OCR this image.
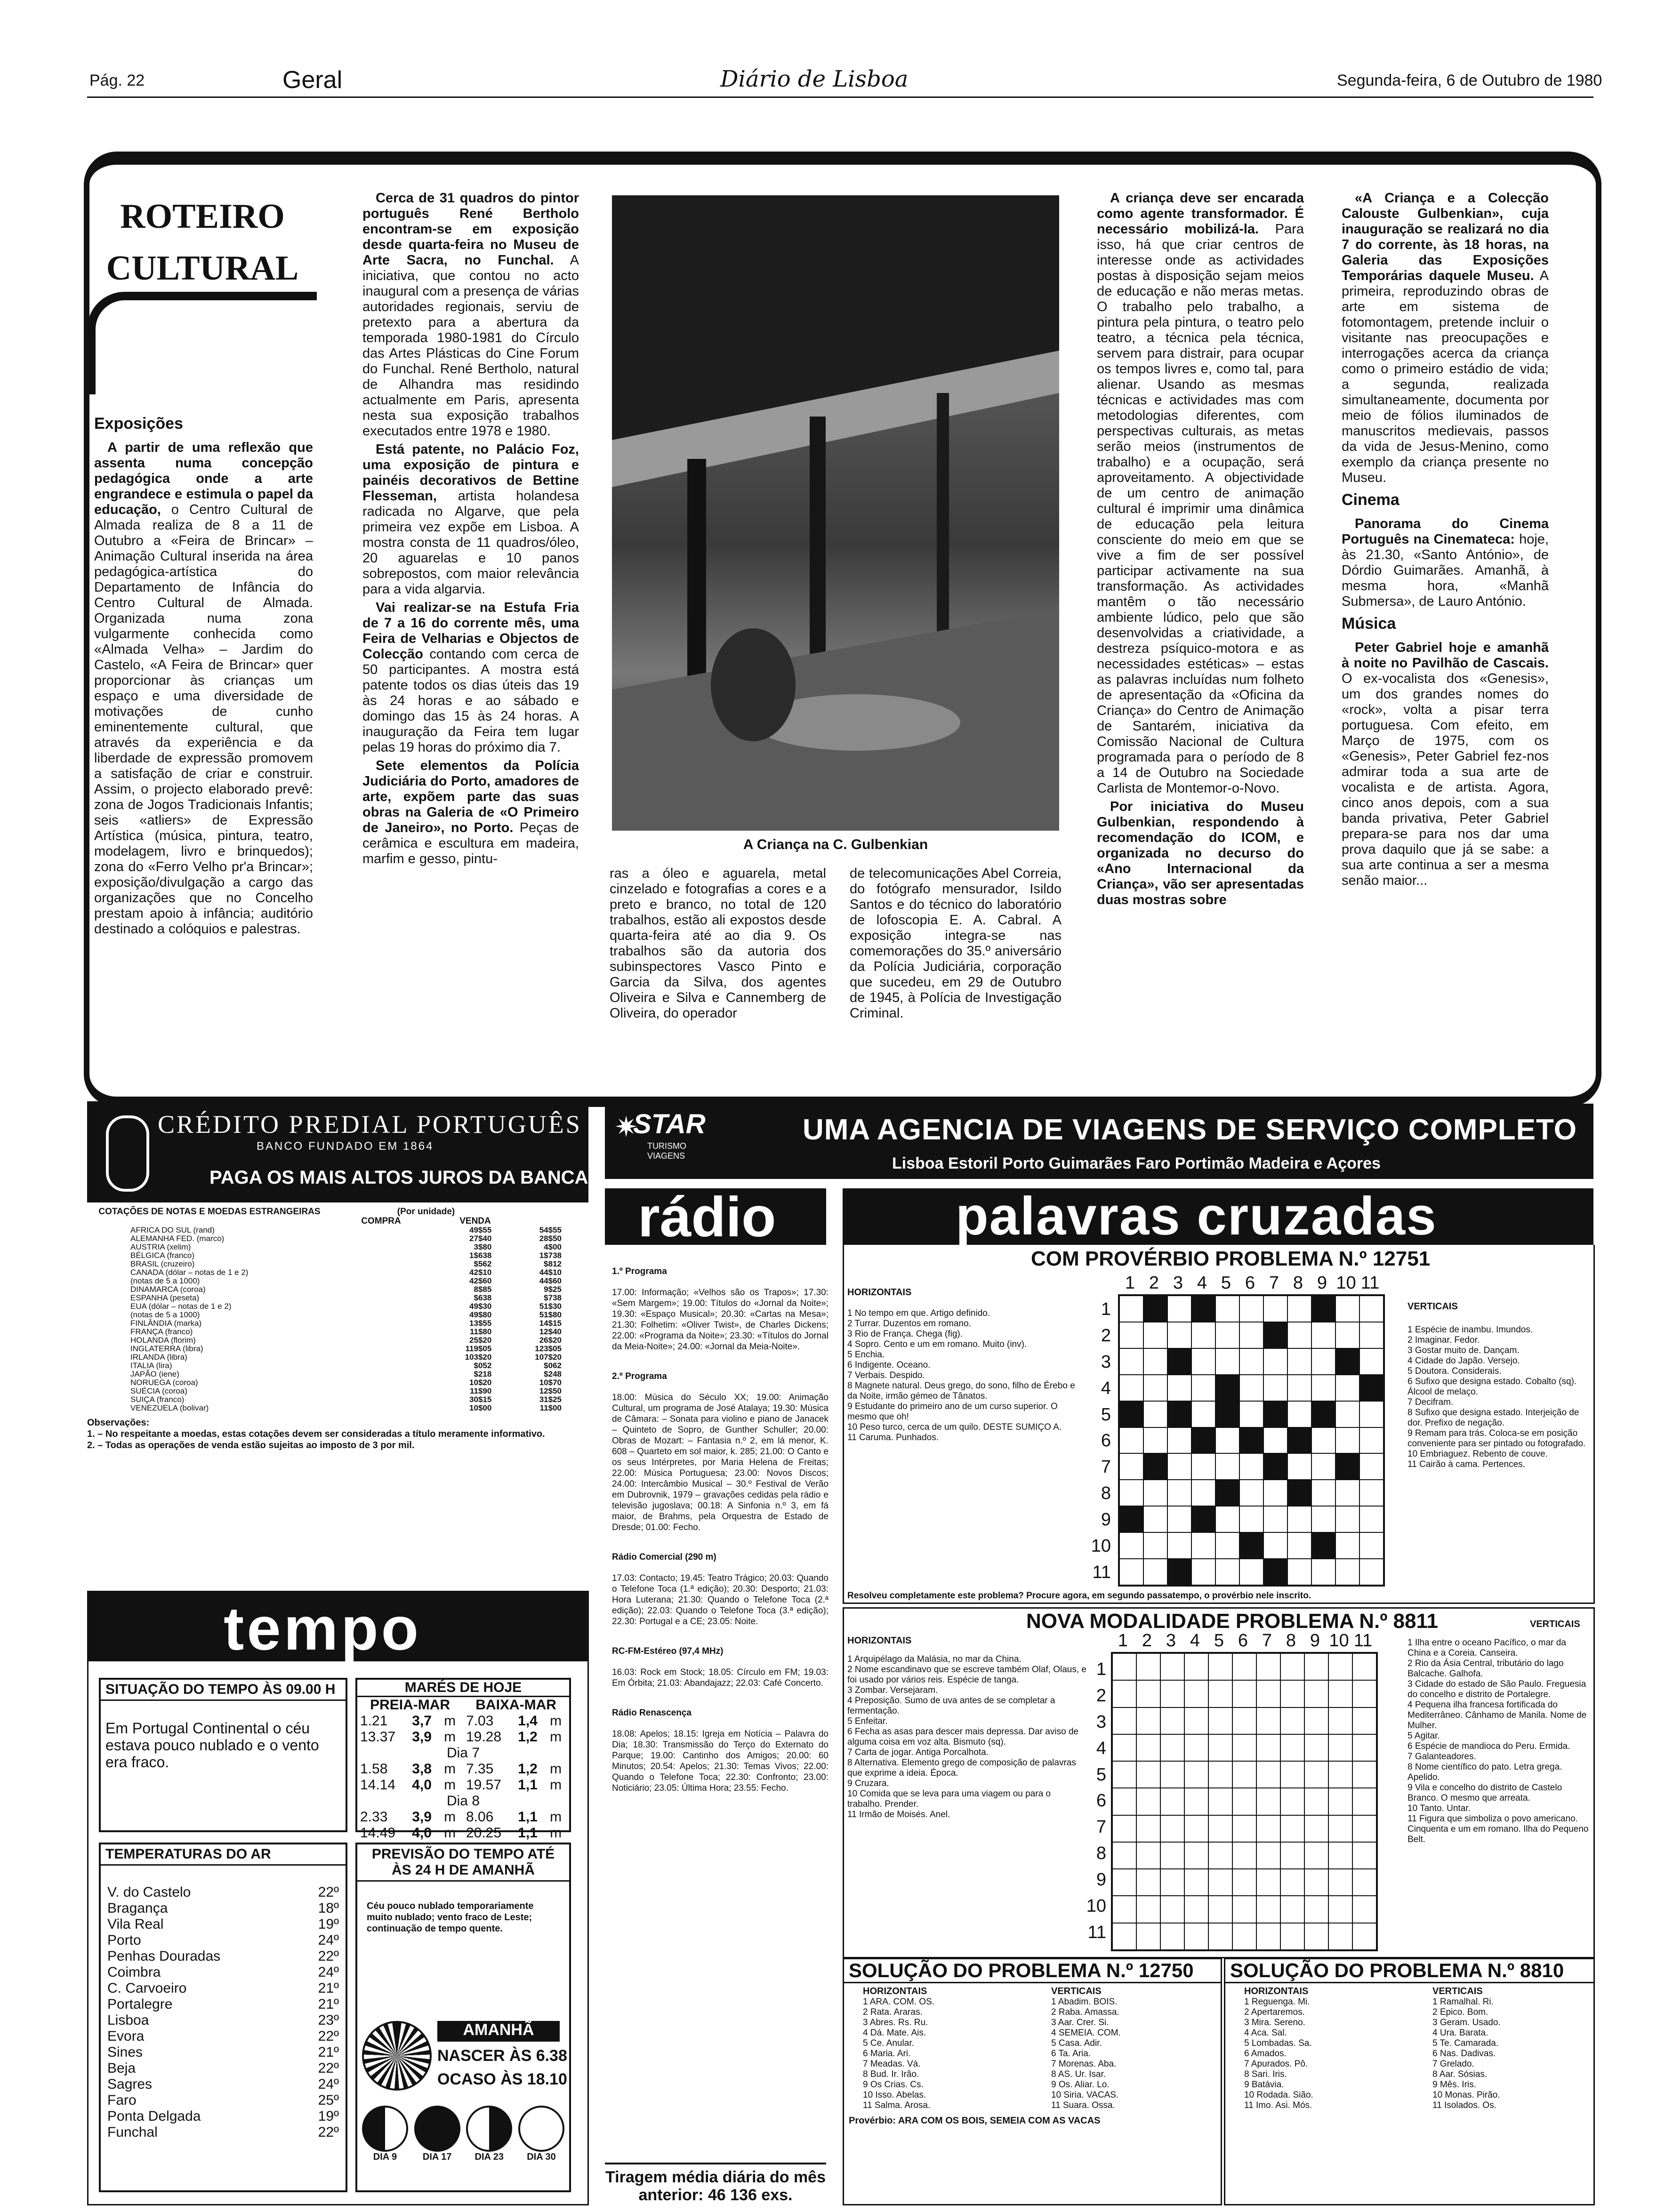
Pág. 22	Geral	Diário de Lisboa	Segunda-feira, 6 de Outubro de 1980
ROTEIRO
CULTURAL
Exposições

A partir de uma reflexão que assenta numa concepção pedagógica onde a arte engrandece e estimula o papel da educação, o Centro Cultural de Almada realiza de 8 a 11 de Outubro a «Feira de Brincar» – Animação Cultural inserida na área pedagógica-artística do Departamento de Infância do Centro Cultural de Almada. Organizada numa zona vulgarmente conhecida como «Almada Velha» – Jardim do Castelo, «A Feira de Brincar» quer proporcionar às crianças um espaço e uma diversidade de motivações de cunho eminentemente cultural, que através da experiência e da liberdade de expressão promovem a satisfação de criar e construir. Assim, o projecto elaborado prevê: zona de Jogos Tradicionais Infantis; seis «atliers» de Expressão Artística (música, pintura, teatro, modelagem, livro e brinquedos); zona do «Ferro Velho pr'a Brincar»; exposição/divulgação a cargo das organizações que no Concelho prestam apoio à infância; auditório destinado a colóquios e palestras.

Cerca de 31 quadros do pintor português René Bertholo encontram-se em exposição desde quarta-feira no Museu de Arte Sacra, no Funchal. A iniciativa, que contou no acto inaugural com a presença de várias autoridades regionais, serviu de pretexto para a abertura da temporada 1980-1981 do Círculo das Artes Plásticas do Cine Forum do Funchal. René Bertholo, natural de Alhandra mas residindo actualmente em Paris, apresenta nesta sua exposição trabalhos executados entre 1978 e 1980.

Está patente, no Palácio Foz, uma exposição de pintura e painéis decorativos de Bettine Flesseman, artista holandesa radicada no Algarve, que pela primeira vez expõe em Lisboa. A mostra consta de 11 quadros/óleo, 20 aguarelas e 10 panos sobrepostos, com maior relevância para a vida algarvia.

Vai realizar-se na Estufa Fria de 7 a 16 do corrente mês, uma Feira de Velharias e Objectos de Colecção contando com cerca de 50 participantes. A mostra está patente todos os dias úteis das 19 às 24 horas e ao sábado e domingo das 15 às 24 horas. A inauguração da Feira tem lugar pelas 19 horas do próximo dia 7.

Sete elementos da Polícia Judiciária do Porto, amadores de arte, expõem parte das suas obras na Galeria de «O Primeiro de Janeiro», no Porto. Peças de cerâmica e escultura em madeira, marfim e gesso, pintu-

A Criança na C. Gulbenkian
ras a óleo e aguarela, metal cinzelado e fotografias a cores e a preto e branco, no total de 120 trabalhos, estão ali expostos desde quarta-feira até ao dia 9. Os trabalhos são da autoria dos subinspectores Vasco Pinto e Garcia da Silva, dos agentes Oliveira e Silva e Cannemberg de Oliveira, do operador
de telecomunicações Abel Correia, do fotógrafo mensurador, Isildo Santos e do técnico do laboratório de lofoscopia E. A. Cabral. A exposição integra-se nas comemorações do 35.º aniversário da Polícia Judiciária, corporação que sucedeu, em 29 de Outubro de 1945, à Polícia de Investigação Criminal.

A criança deve ser encarada como agente transformador. É necessário mobilizá-la. Para isso, há que criar centros de interesse onde as actividades postas à disposição sejam meios de educação e não meras metas. O trabalho pelo trabalho, a pintura pela pintura, o teatro pelo teatro, a técnica pela técnica, servem para distrair, para ocupar os tempos livres e, como tal, para alienar. Usando as mesmas técnicas e actividades mas com metodologias diferentes, com perspectivas culturais, as metas serão meios (instrumentos de trabalho) e a ocupação, será aproveitamento. A objectividade de um centro de animação cultural é imprimir uma dinâmica de educação pela leitura consciente do meio em que se vive a fim de ser possível participar activamente na sua transformação. As actividades mantêm o tão necessário ambiente lúdico, pelo que são desenvolvidas a criatividade, a destreza psíquico-motora e as necessidades estéticas» – estas as palavras incluídas num folheto de apresentação da «Oficina da Criança» do Centro de Animação de Santarém, iniciativa da Comissão Nacional de Cultura programada para o período de 8 a 14 de Outubro na Sociedade Carlista de Montemor-o-Novo.

Por iniciativa do Museu Gulbenkian, respondendo à recomendação do ICOM, e organizada no decurso do «Ano Internacional da Criança», vão ser apresentadas duas mostras sobre

«A Criança e a Colecção Calouste Gulbenkian», cuja inauguração se realizará no dia 7 do corrente, às 18 horas, na Galeria das Exposições Temporárias daquele Museu. A primeira, reproduzindo obras de arte em sistema de fotomontagem, pretende incluir o visitante nas preocupações e interrogações acerca da criança como o primeiro estádio de vida; a segunda, realizada simultaneamente, documenta por meio de fólios iluminados de manuscritos medievais, passos da vida de Jesus-Menino, como exemplo da criança presente no Museu.

Cinema

Panorama do Cinema Português na Cinemateca: hoje, às 21.30, «Santo António», de Dórdio Guimarães. Amanhã, à mesma hora, «Manhã Submersa», de Lauro António.

Música

Peter Gabriel hoje e amanhã à noite no Pavilhão de Cascais. O ex-vocalista dos «Genesis», um dos grandes nomes do «rock», volta a pisar terra portuguesa. Com efeito, em Março de 1975, com os «Genesis», Peter Gabriel fez-nos admirar toda a sua arte de vocalista e de artista. Agora, cinco anos depois, com a sua banda privativa, Peter Gabriel prepara-se para nos dar uma prova daquilo que já se sabe: a sua arte continua a ser a mesma senão maior...

CRÉDITO PREDIAL PORTUGUÊS
BANCO FUNDADO EM 1864
PAGA OS MAIS ALTOS JUROS DA BANCA
COTAÇÕES DE NOTAS E MOEDAS ESTRANGEIRAS	(Por unidade)
COMPRA	VENDA
AFRICA DO SUL (rand)	49$55	54$55
ALEMANHA FED. (marco)	27$40	28$50
AUSTRIA (xelim)	3$80	4$00
BÉLGICA (franco)	1$638	1$738
BRASIL (cruzeiro)	$562	$812
CANADA (dólar – notas de 1 e 2)	42$10	44$10
(notas de 5 a 1000)	42$60	44$60
DINAMARCA (coroa)	8$85	9$25
ESPANHA (peseta)	$638	$738
EUA (dólar – notas de 1 e 2)	49$30	51$30
(notas de 5 a 1000)	49$80	51$80
FINLÂNDIA (marka)	13$55	14$15
FRANÇA (franco)	11$80	12$40
HOLANDA (florim)	25$20	26$20
INGLATERRA (libra)	119$05	123$05
IRLANDA (libra)	103$20	107$20
ITALIA (lira)	$052	$062
JAPÃO (iene)	$218	$248
NORUEGA (coroa)	10$20	10$70
SUÉCIA (coroa)	11$90	12$50
SUIÇA (franco)	30$15	31$25
VENEZUELA (bolivar)	10$00	11$00
Observações:
1. – No respeitante a moedas, estas cotações devem ser consideradas a título meramente informativo.
2. – Todas as operações de venda estão sujeitas ao imposto de 3 por mil.
tempo
SITUAÇÃO DO TEMPO ÀS 09.00 H
Em Portugal Continental o céu estava pouco nublado e o vento era fraco.
TEMPERATURAS DO AR
V. do Castelo	22º
Bragança	18º
Vila Real	19º
Porto	24º
Penhas Douradas	22º
Coimbra	24º
C. Carvoeiro	21º
Portalegre	21º
Lisboa	23º
Evora	22º
Sines	21º
Beja	22º
Sagres	24º
Faro	25º
Ponta Delgada	19º
Funchal	22º
MARÉS DE HOJE
PREIA-MAR BAIXA-MAR
1.21	3,7	m	7.03	1,4	m
13.37	3,9	m	19.28	1,2	m
Dia 7					
1.58	3,8	m	7.35	1,2	m
14.14	4,0	m	19.57	1,1	m
Dia 8					
2.33	3,9	m	8.06	1,1	m
14.49	4,0	m	20.25	1,1	m
PREVISÃO DO TEMPO ATÉ ÀS 24 H DE AMANHÃ
Céu pouco nublado temporariamente muito nublado; vento fraco de Leste; continuação de tempo quente.
AMANHÃ
NASCER ÀS 6.38
OCASO ÀS 18.10
DIA 9	DIA 17	DIA 23	DIA 30
STAR
✷
TURISMO VIAGENS
UMA AGENCIA DE VIAGENS DE SERVIÇO COMPLETO
Lisboa Estoril Porto Guimarães Faro Portimão Madeira e Açores
rádio
1.º Programa
17.00: Informação; «Velhos são os Trapos»; 17.30: «Sem Margem»; 19.00: Títulos do «Jornal da Noite»; 19.30: «Espaço Musical»; 20.30: «Cartas na Mesa»; 21.30: Folhetim: «Oliver Twist», de Charles Dickens; 22.00: «Programa da Noite»; 23.30: «Títulos do Jornal da Meia-Noite»; 24.00: «Jornal da Meia-Noite».
2.º Programa
18.00: Música do Século XX; 19.00: Animação Cultural, um programa de José Atalaya; 19.30: Música de Câmara: – Sonata para violino e piano de Janacek – Quinteto de Sopro, de Gunther Schuller; 20.00: Obras de Mozart: – Fantasia n.º 2, em lá menor, K. 608 – Quarteto em sol maior, k. 285; 21.00: O Canto e os seus Intérpretes, por Maria Helena de Freitas; 22.00: Música Portuguesa; 23.00: Novos Discos; 24.00: Intercâmbio Musical – 30.º Festival de Verão em Dubrovnik, 1979 – gravações cedidas pela rádio e televisão jugoslava; 00.18: A Sinfonia n.º 3, em fá maior, de Brahms, pela Orquestra de Estado de Dresde; 01.00: Fecho.
Rádio Comercial (290 m)
17.03: Contacto; 19.45: Teatro Trágico; 20.03: Quando o Telefone Toca (1.ª edição); 20.30: Desporto; 21.03: Hora Luterana; 21.30: Quando o Telefone Toca (2.ª edição); 22.03: Quando o Telefone Toca (3.ª edição); 22.30: Portugal e a CE; 23.05: Noite.
RC-FM-Estéreo (97,4 MHz)
16.03: Rock em Stock; 18.05: Círculo em FM; 19.03: Em Órbita; 21.03: Abandajazz; 22.03: Café Concerto.
Rádio Renascença
18.08: Apelos; 18.15: Igreja em Notícia – Palavra do Dia; 18.30: Transmissão do Terço do Externato do Parque; 19.00: Cantinho dos Amigos; 20.00: 60 Minutos; 20.54: Apelos; 21.30: Temas Vivos; 22.00: Quando o Telefone Toca; 22.30: Confronto; 23.00: Noticiário; 23.05: Última Hora; 23.55: Fecho.
Tiragem média diária do mês anterior: 46 136 exs.
palavras cruzadas
COM PROVÉRBIO PROBLEMA N.º 12751
HORIZONTAIS
1 No tempo em que. Artigo definido.
2 Turrar. Duzentos em romano.
3 Rio de França. Chega (fig).
4 Sopro. Cento e um em romano. Muito (inv).
5 Enchia.
6 Indigente. Oceano.
7 Verbais. Despido.
8 Magnete natural. Deus grego, do sono, filho de Érebo e da Noite, irmão gémeo de Tânatos.
9 Estudante do primeiro ano de um curso superior. O mesmo que oh!
10 Peso turco, cerca de um quilo. DESTE SUMIÇO A.
11 Caruma. Punhados.
1 2 3 4 5 6 7 8 9 10 11
1
2
3
4
5
6
7
8
9
10
11
VERTICAIS
1 Espécie de inambu. Imundos.
2 Imaginar. Fedor.
3 Gostar muito de. Dançam.
4 Cidade do Japão. Versejo.
5 Doutora. Considerais.
6 Sufixo que designa estado. Cobalto (sq). Álcool de melaço.
7 Decifram.
8 Sufixo que designa estado. Interjeição de dor. Prefixo de negação.
9 Remam para trás. Coloca-se em posição conveniente para ser pintado ou fotografado.
10 Embriaguez. Rebento de couve.
11 Cairão à cama. Pertences.
Resolveu completamente este problema? Procure agora, em segundo passatempo, o provérbio nele inscrito.
NOVA MODALIDADE PROBLEMA N.º 8811
HORIZONTAIS
1 Arquipélago da Malásia, no mar da China.
2 Nome escandinavo que se escreve também Olaf, Olaus, e foi usado por vários reis. Espécie de tanga.
3 Zombar. Versejaram.
4 Preposição. Sumo de uva antes de se completar a fermentação.
5 Enfeitar.
6 Fecha as asas para descer mais depressa. Dar aviso de alguma coisa em voz alta. Bismuto (sq).
7 Carta de jogar. Antiga Porcalhota.
8 Alternativa. Elemento grego de composição de palavras que exprime a ideia. Época.
9 Cruzara.
10 Comida que se leva para uma viagem ou para o trabalho. Prender.
11 Irmão de Moisés. Anel.
1 2 3 4 5 6 7 8 9 10 11
1
2
3
4
5
6
7
8
9
10
11
VERTICAIS
1 Ilha entre o oceano Pacífico, o mar da China e a Coreia. Canseira.
2 Rio da Ásia Central, tributário do lago Balcache. Galhofa.
3 Cidade do estado de São Paulo. Freguesia do concelho e distrito de Portalegre.
4 Pequena ilha francesa fortificada do Mediterrâneo. Cânhamo de Manila. Nome de Mulher.
5 Agitar.
6 Espécie de mandioca do Peru. Ermida.
7 Galanteadores.
8 Nome científico do pato. Letra grega. Apelido.
9 Vila e concelho do distrito de Castelo Branco. O mesmo que arreata.
10 Tanto. Untar.
11 Figura que simboliza o povo americano. Cinquenta e um em romano. Ilha do Pequeno Belt.
SOLUÇÃO DO PROBLEMA N.º 12750
HORIZONTAIS
1 ARA. COM. OS.
2 Rata. Araras.
3 Abres. Rs. Ru.
4 Dá. Mate. Ais.
5 Ce. Anular.
6 Maria. Ari.
7 Meadas. Vá.
8 Bud. Ir. Irão.
9 Os Crias. Cs.
10 Isso. Abelas.
11 Salma. Arosa.
VERTICAIS
1 Abadim. BOIS.
2 Raba. Amassa.
3 Aar. Crer. Si.
4 SEMEIA. COM.
5 Casa. Adir.
6 Ta. Aria.
7 Morenas. Aba.
8 AS. Ur. Isar.
9 Os. Aliar. Lo.
10 Siria. VACAS.
11 Suara. Ossa.
Provérbio: ARA COM OS BOIS, SEMEIA COM AS VACAS
SOLUÇÃO DO PROBLEMA N.º 8810
HORIZONTAIS
1 Reguenga. Mi.
2 Apertaremos.
3 Mira. Sereno.
4 Aca. Sal.
5 Lombadas. Sa.
6 Amados.
7 Apurados. Pô.
8 Sari. Iris.
9 Batávia.
10 Rodada. Sião.
11 Imo. Asi. Mós.
VERTICAIS
1 Ramalhal. Ri.
2 Epico. Bom.
3 Geram. Usado.
4 Ura. Barata.
5 Te. Camarada.
6 Nas. Dadivas.
7 Grelado.
8 Aar. Sósias.
9 Mês. Iris.
10 Monas. Pirão.
11 Isolados. Os.
